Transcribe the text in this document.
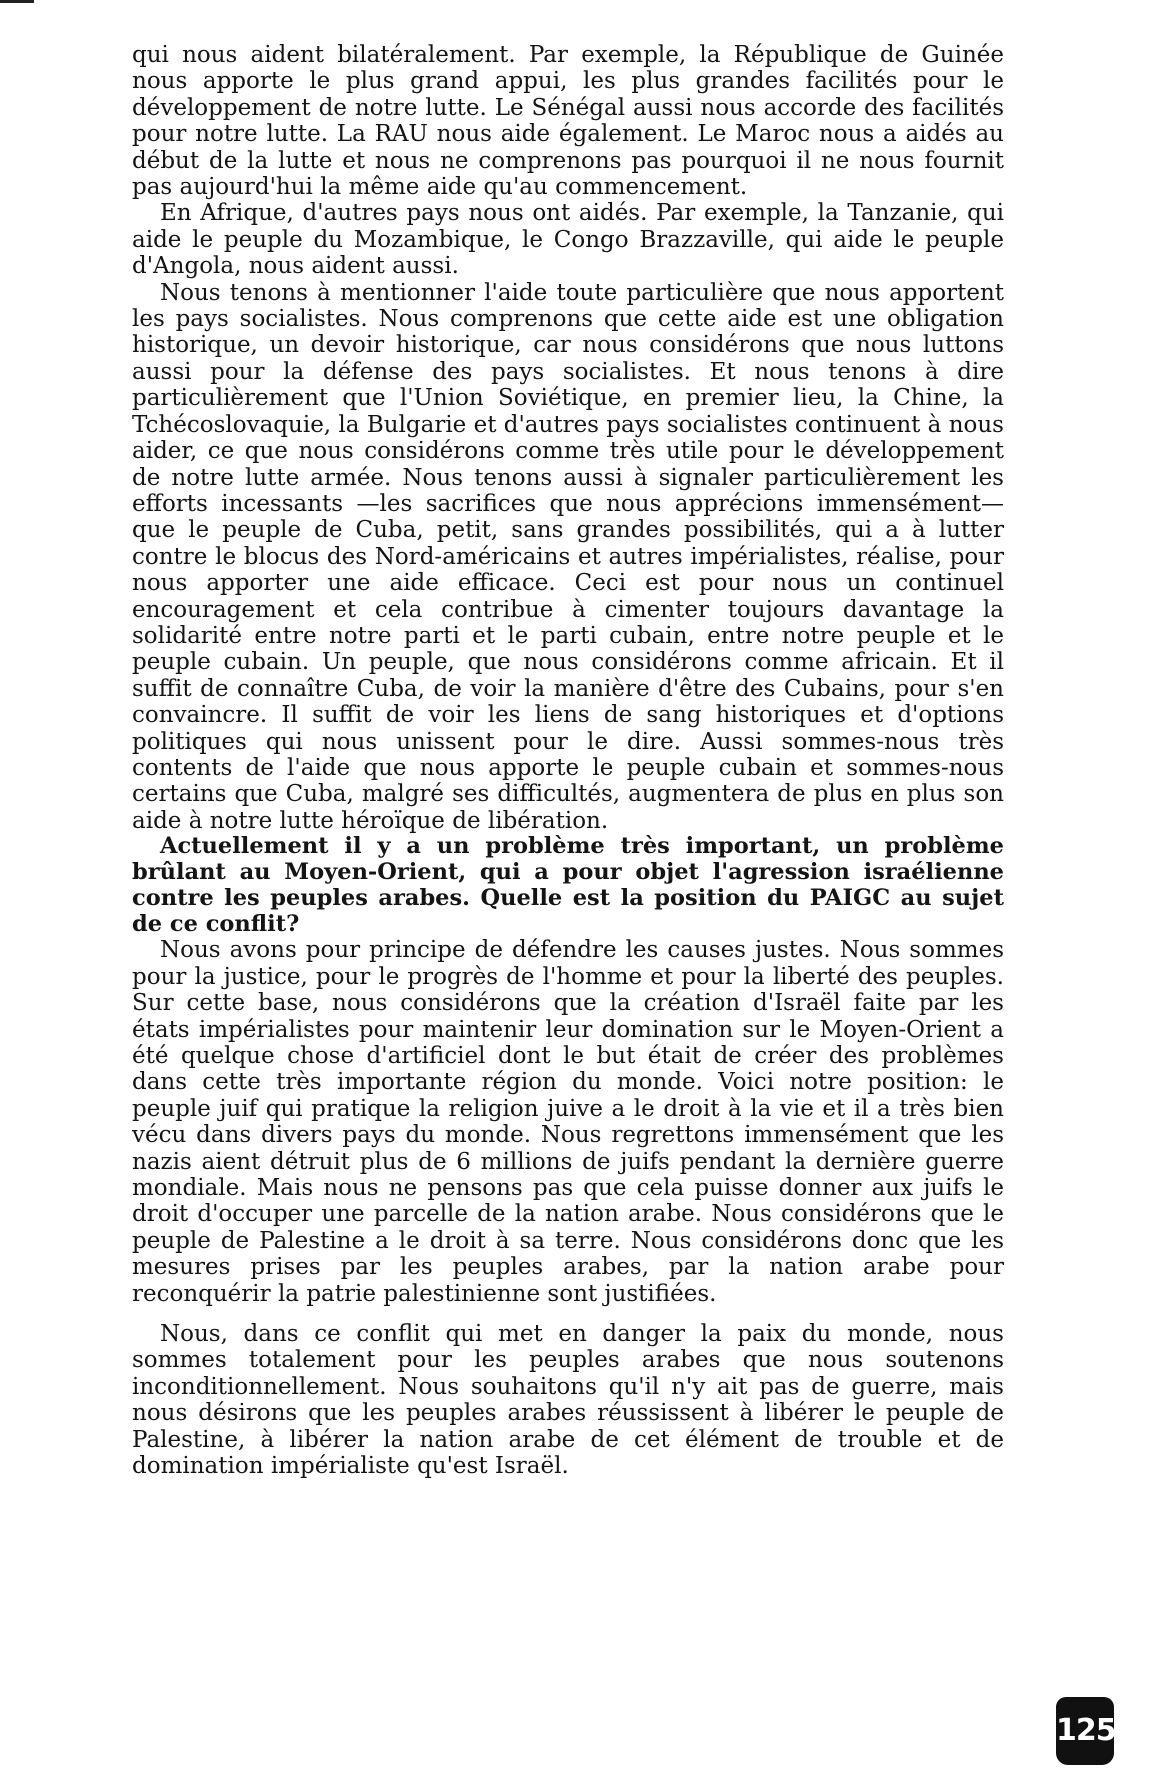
qui nous aident bilatéralement. Par exemple, la République de Guinée nous apporte le plus grand appui, les plus grandes facilités pour le développement de notre lutte. Le Sénégal aussi nous accorde des facilités pour notre lutte. La RAU nous aide également. Le Maroc nous a aidés au début de la lutte et nous ne comprenons pas pourquoi il ne nous fournit pas aujourd'hui la même aide qu'au commencement.

En Afrique, d'autres pays nous ont aidés. Par exemple, la Tanzanie, qui aide le peuple du Mozambique, le Congo Brazzaville, qui aide le peuple d'Angola, nous aident aussi.

Nous tenons à mentionner l'aide toute particulière que nous apportent les pays socialistes. Nous comprenons que cette aide est une obligation historique, un devoir historique, car nous considérons que nous luttons aussi pour la défense des pays socialistes. Et nous tenons à dire particulièrement que l'Union Soviétique, en premier lieu, la Chine, la Tchécoslovaquie, la Bulgarie et d'autres pays socialistes continuent à nous aider, ce que nous considérons comme très utile pour le développement de notre lutte armée. Nous tenons aussi à signaler particulièrement les efforts incessants —les sacrifices que nous apprécions immensément— que le peuple de Cuba, petit, sans grandes possibilités, qui a à lutter contre le blocus des Nord-américains et autres impérialistes, réalise, pour nous apporter une aide efficace. Ceci est pour nous un continuel encouragement et cela contribue à cimenter toujours davantage la solidarité entre notre parti et le parti cubain, entre notre peuple et le peuple cubain. Un peuple, que nous considérons comme africain. Et il suffit de connaître Cuba, de voir la manière d'être des Cubains, pour s'en convaincre. Il suffit de voir les liens de sang historiques et d'options politiques qui nous unissent pour le dire. Aussi sommes-nous très contents de l'aide que nous apporte le peuple cubain et sommes-nous certains que Cuba, malgré ses difficultés, augmentera de plus en plus son aide à notre lutte héroïque de libération.

Actuellement il y a un problème très important, un problème brûlant au Moyen-Orient, qui a pour objet l'agression israélienne contre les peuples arabes. Quelle est la position du PAIGC au sujet de ce conflit?

Nous avons pour principe de défendre les causes justes. Nous sommes pour la justice, pour le progrès de l'homme et pour la liberté des peuples. Sur cette base, nous considérons que la création d'Israël faite par les états impérialistes pour maintenir leur domination sur le Moyen-Orient a été quelque chose d'artificiel dont le but était de créer des problèmes dans cette très importante région du monde. Voici notre position: le peuple juif qui pratique la religion juive a le droit à la vie et il a très bien vécu dans divers pays du monde. Nous regrettons immensément que les nazis aient détruit plus de 6 millions de juifs pendant la dernière guerre mondiale. Mais nous ne pensons pas que cela puisse donner aux juifs le droit d'occuper une parcelle de la nation arabe. Nous considérons que le peuple de Palestine a le droit à sa terre. Nous considérons donc que les mesures prises par les peuples arabes, par la nation arabe pour reconquérir la patrie palestinienne sont justifiées.

Nous, dans ce conflit qui met en danger la paix du monde, nous sommes totalement pour les peuples arabes que nous soutenons inconditionnellement. Nous souhaitons qu'il n'y ait pas de guerre, mais nous désirons que les peuples arabes réussissent à libérer le peuple de Palestine, à libérer la nation arabe de cet élément de trouble et de domination impérialiste qu'est Israël.

125
